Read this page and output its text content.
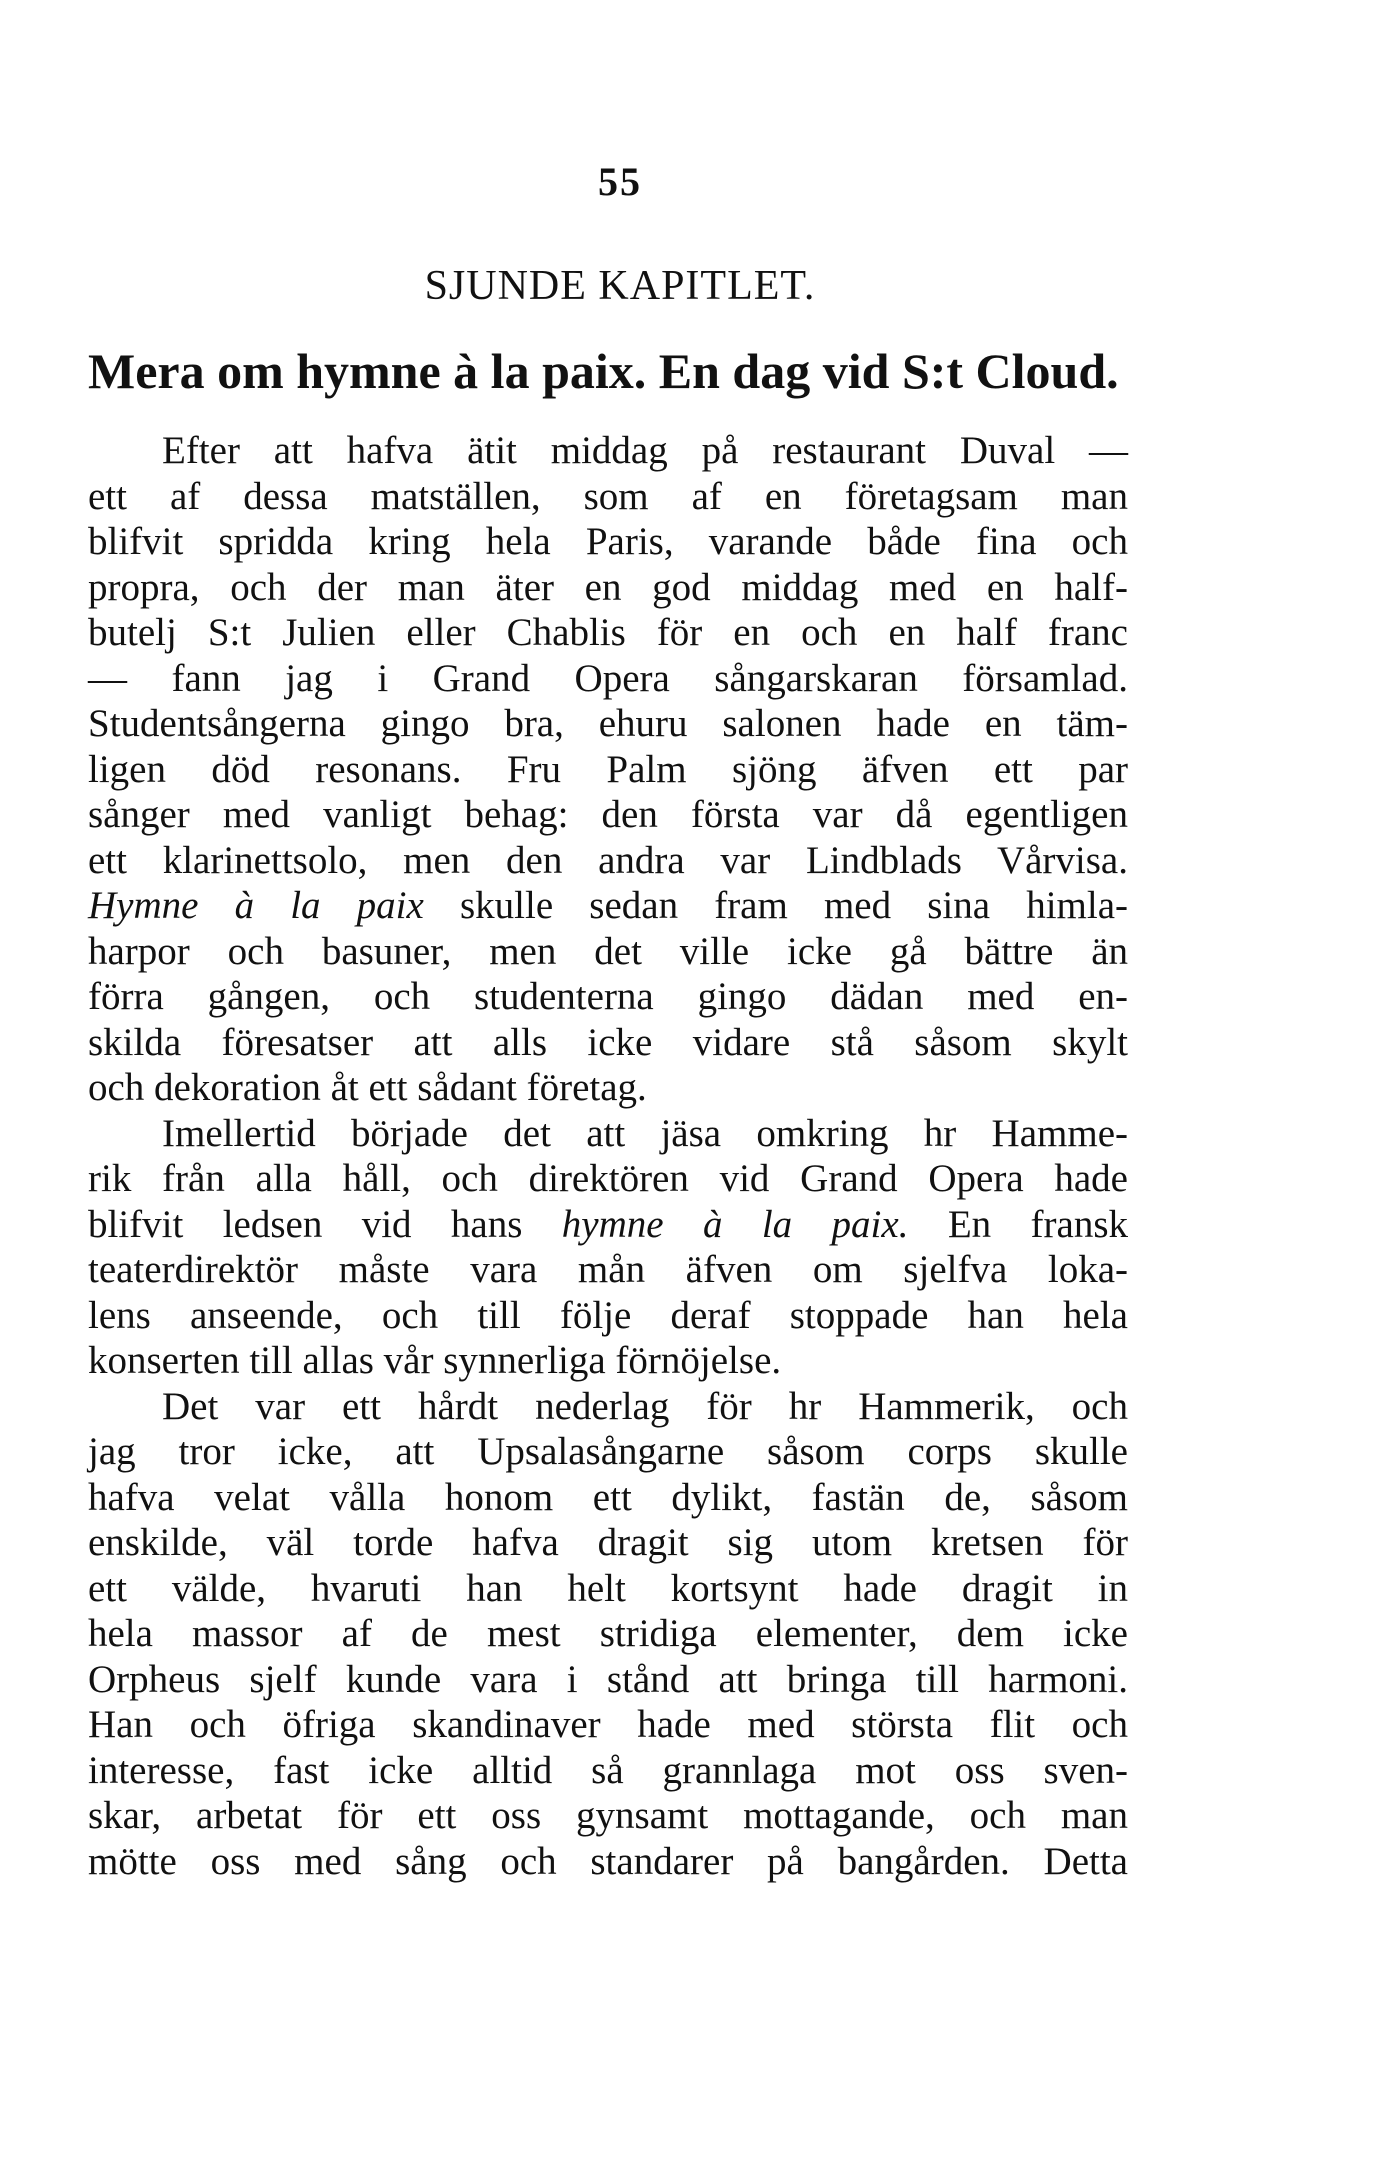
55
SJUNDE KAPITLET.
Mera om hymne à la paix. En dag vid S:t Cloud.
Efter att hafva ätit middag på restaurant Duval —
ett af dessa matställen, som af en företagsam man
blifvit spridda kring hela Paris, varande både fina och
propra, och der man äter en god middag med en half-
butelj S:t Julien eller Chablis för en och en half franc
— fann jag i Grand Opera sångarskaran församlad.
Studentsångerna gingo bra, ehuru salonen hade en täm-
ligen död resonans. Fru Palm sjöng äfven ett par
sånger med vanligt behag: den första var då egentligen
ett klarinettsolo, men den andra var Lindblads Vårvisa.
Hymne à la paix skulle sedan fram med sina himla-
harpor och basuner, men det ville icke gå bättre än
förra gången, och studenterna gingo dädan med en-
skilda föresatser att alls icke vidare stå såsom skylt
och dekoration åt ett sådant företag.
Imellertid började det att jäsa omkring hr Hamme-
rik från alla håll, och direktören vid Grand Opera hade
blifvit ledsen vid hans hymne à la paix. En fransk
teaterdirektör måste vara mån äfven om sjelfva loka-
lens anseende, och till följe deraf stoppade han hela
konserten till allas vår synnerliga förnöjelse.
Det var ett hårdt nederlag för hr Hammerik, och
jag tror icke, att Upsalasångarne såsom corps skulle
hafva velat vålla honom ett dylikt, fastän de, såsom
enskilde, väl torde hafva dragit sig utom kretsen för
ett välde, hvaruti han helt kortsynt hade dragit in
hela massor af de mest stridiga elementer, dem icke
Orpheus sjelf kunde vara i stånd att bringa till harmoni.
Han och öfriga skandinaver hade med största flit och
interesse, fast icke alltid så grannlaga mot oss sven-
skar, arbetat för ett oss gynsamt mottagande, och man
mötte oss med sång och standarer på bangården. Detta
